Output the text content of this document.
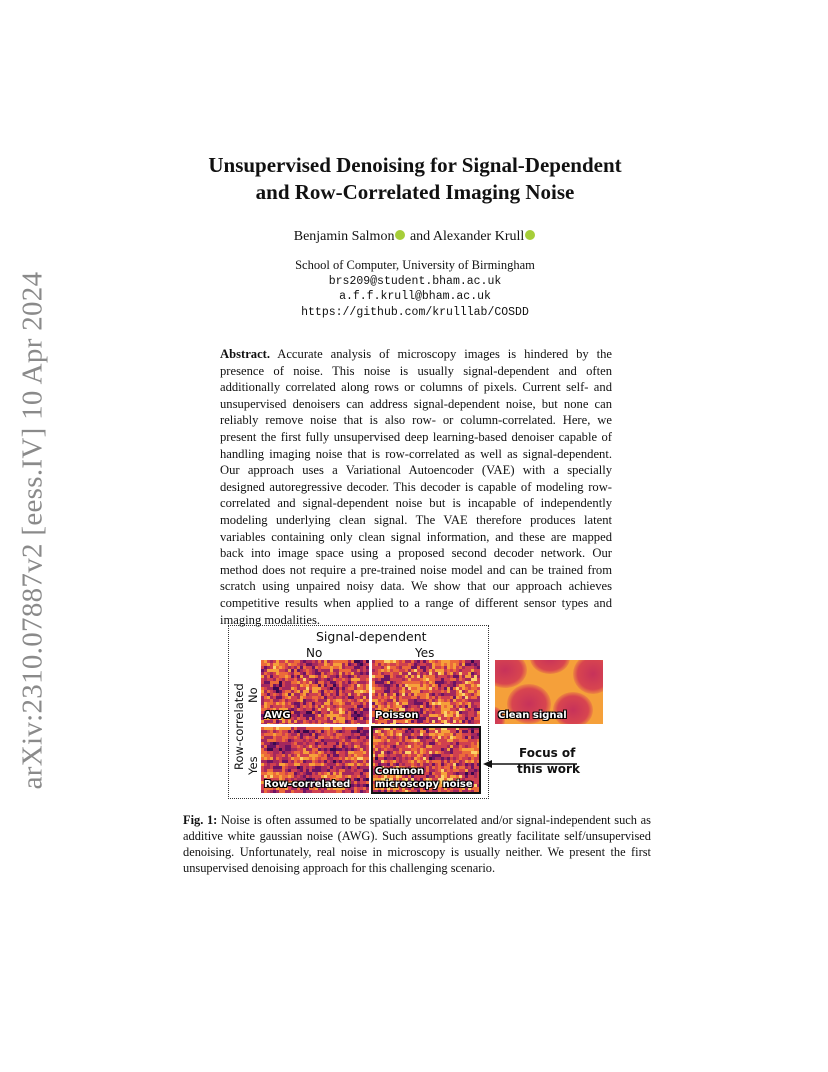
arXiv:2310.07887v2 [eess.IV] 10 Apr 2024
Unsupervised Denoising for Signal-Dependent
and Row-Correlated Imaging Noise
Benjamin Salmon and Alexander Krull
School of Computer, University of Birmingham
brs209@student.bham.ac.uk
a.f.f.krull@bham.ac.uk
https://github.com/krulllab/COSDD
Abstract. Accurate analysis of microscopy images is hindered by the presence of noise. This noise is usually signal-dependent and often additionally correlated along rows or columns of pixels. Current self- and unsupervised denoisers can address signal-dependent noise, but none can reliably remove noise that is also row- or column-correlated. Here, we present the first fully unsupervised deep learning-based denoiser capable of handling imaging noise that is row-correlated as well as signal-dependent. Our approach uses a Variational Autoencoder (VAE) with a specially designed autoregressive decoder. This decoder is capable of modeling row-correlated and signal-dependent noise but is incapable of independently modeling underlying clean signal. The VAE therefore produces latent variables containing only clean signal information, and these are mapped back into image space using a proposed second decoder network. Our method does not require a pre-trained noise model and can be trained from scratch using unpaired noisy data. We show that our approach achieves competitive results when applied to a range of different sensor types and imaging modalities.
Signal-dependent
No	Yes
Row-correlated No
Yes
AWG	Poisson	Clean signal
Row-correlated
Common
microscopy noise
Focus of
this work
Fig. 1: Noise is often assumed to be spatially uncorrelated and/or signal-independent such as additive white gaussian noise (AWG). Such assumptions greatly facilitate self/unsupervised denoising. Unfortunately, real noise in microscopy is usually neither. We present the first unsupervised denoising approach for this challenging scenario.
